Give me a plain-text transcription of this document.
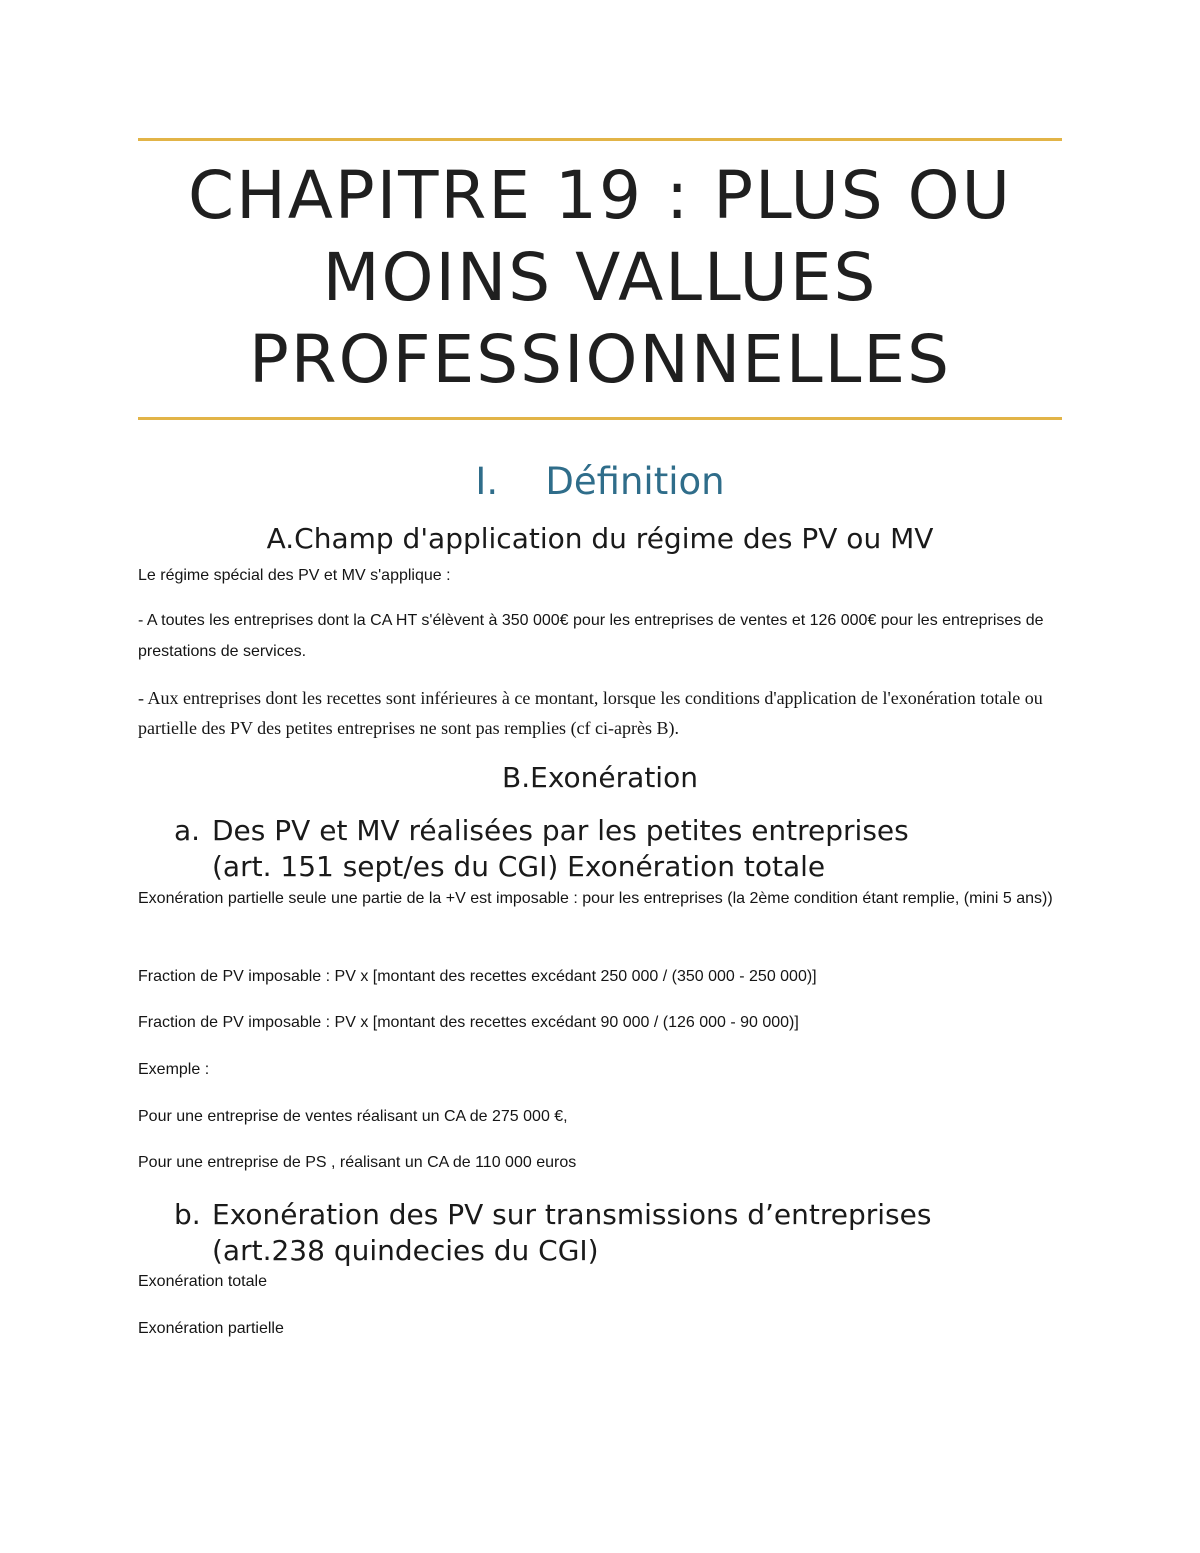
CHAPITRE 19 : PLUS OU
MOINS VALLUES
PROFESSIONNELLES
I. Définition
A.Champ d'application du régime des PV ou MV
Le régime spécial des PV et MV s'applique :
- A toutes les entreprises dont la CA HT s'élèvent à 350 000€ pour les entreprises de ventes et 126 000€ pour les entreprises de prestations de services.
- Aux entreprises dont les recettes sont inférieures à ce montant, lorsque les conditions d'application de l'exonération totale ou partielle des PV des petites entreprises ne sont pas remplies (cf ci-après B).
B.Exonération
a. Des PV et MV réalisées par les petites entreprises
(art. 151 sept/es du CGI) Exonération totale
Exonération partielle seule une partie de la +V est imposable : pour les entreprises (la 2ème condition étant remplie, (mini 5 ans))
Fraction de PV imposable : PV x [montant des recettes excédant 250 000 / (350 000 - 250 000)]
Fraction de PV imposable : PV x [montant des recettes excédant 90 000 / (126 000 - 90 000)]
Exemple :
Pour une entreprise de ventes réalisant un CA de 275 000 €,
Pour une entreprise de PS , réalisant un CA de 110 000 euros
b. Exonération des PV sur transmissions d’entreprises
(art.238 quindecies du CGI)
Exonération totale
Exonération partielle
